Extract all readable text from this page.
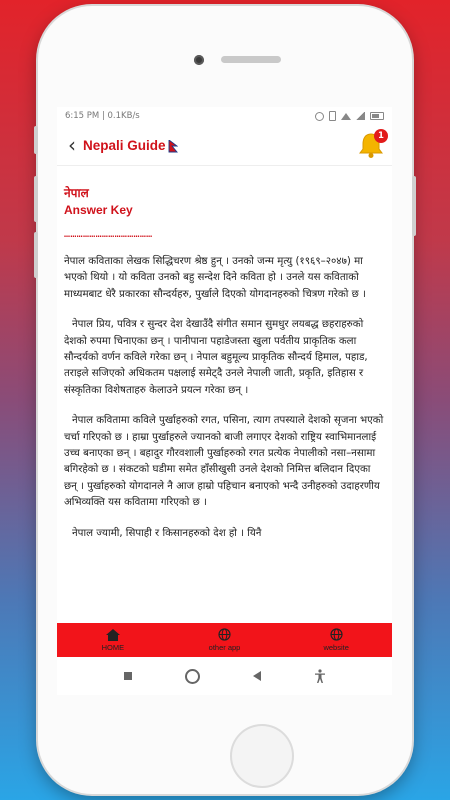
6:15 PM | 0.1KB/s
‹ Nepali Guide
1
नेपाल
Answer Key
……………………………………

नेपाल कविताका लेखक सिद्धिचरण श्रेष्ठ हुन् । उनको जन्म मृत्यु (१९६९–२०४७) मा भएको थियो । यो कविता उनको बहु सन्देश दिने कविता हो । उनले यस कविताको माध्यमबाट धेरै प्रकारका सौन्दर्यहरु, पुर्खाले दिएको योगदानहरुको चित्रण गरेको छ ।

नेपाल प्रिय, पवित्र र सुन्दर देश देखाउँदै संगीत समान सुमधुर लयबद्ध छहराहरुको देशको रुपमा चिनाएका छन् । पानीपाना पहाडेजस्ता खुला पर्वतीय प्राकृतिक कला सौन्दर्यको वर्णन कविले गरेका छन् । नेपाल बहुमूल्य प्राकृतिक सौन्दर्य हिमाल, पहाड, तराइले सजिएको अधिकतम पक्षलाई समेट्दै उनले नेपाली जाती, प्रकृति, इतिहास र संस्कृतिका विशेषताहरु केलाउने प्रयत्न गरेका छन् ।

नेपाल कवितामा कविले पुर्खाहरुको रगत, पसिना, त्याग तपस्याले देशको सृजना भएको चर्चा गरिएको छ । हाम्रा पुर्खाहरुले ज्यानको बाजी लगाएर देशको राष्ट्रिय स्वाभिमानलाई उच्च बनाएका छन् । बहादुर गौरवशाली पुर्खाहरुको रगत प्रत्येक नेपालीको नसा–नसामा बगिरहेको छ । संकटको घडीमा समेत हाँसीखुसी उनले देशको निमित्त बलिदान दिएका छन् । पुर्खाहरुको योगदानले नै आज हाम्रो पहिचान बनाएको भन्दै उनीहरुको उदाहरणीय अभिव्यक्ति यस कवितामा गरिएको छ ।

नेपाल ज्यामी, सिपाही र किसानहरुको देश हो । यिनै

HOME	other app	website
